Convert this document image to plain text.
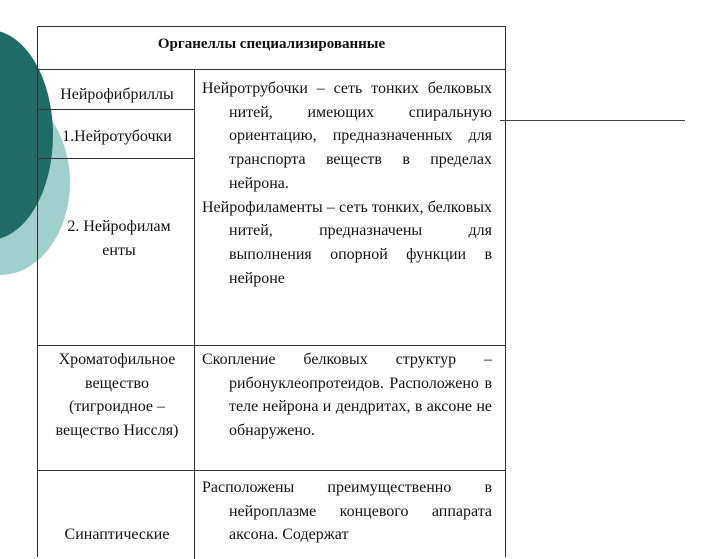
Органеллы специализированные
Нейрофибриллы
1.Нейротубочки
2. Нейрофиламенты

Нейротрубочки – сеть тонких белковых нитей, имеющих спиральную ориентацию, предназначенных для транспорта веществ в пределах нейрона.

Нейрофиламенты – сеть тонких, белковых нитей, предназначены для выполнения опорной функции в нейроне

Хроматофильное вещество (тигроидное – вещество Ниссля)

Скопление белковых структур – рибонуклеопротеидов. Расположено в теле нейрона и дендритах, в аксоне не обнаружено.

Синаптические

Расположены преимущественно в нейроплазме концевого аппарата аксона. Содержат
